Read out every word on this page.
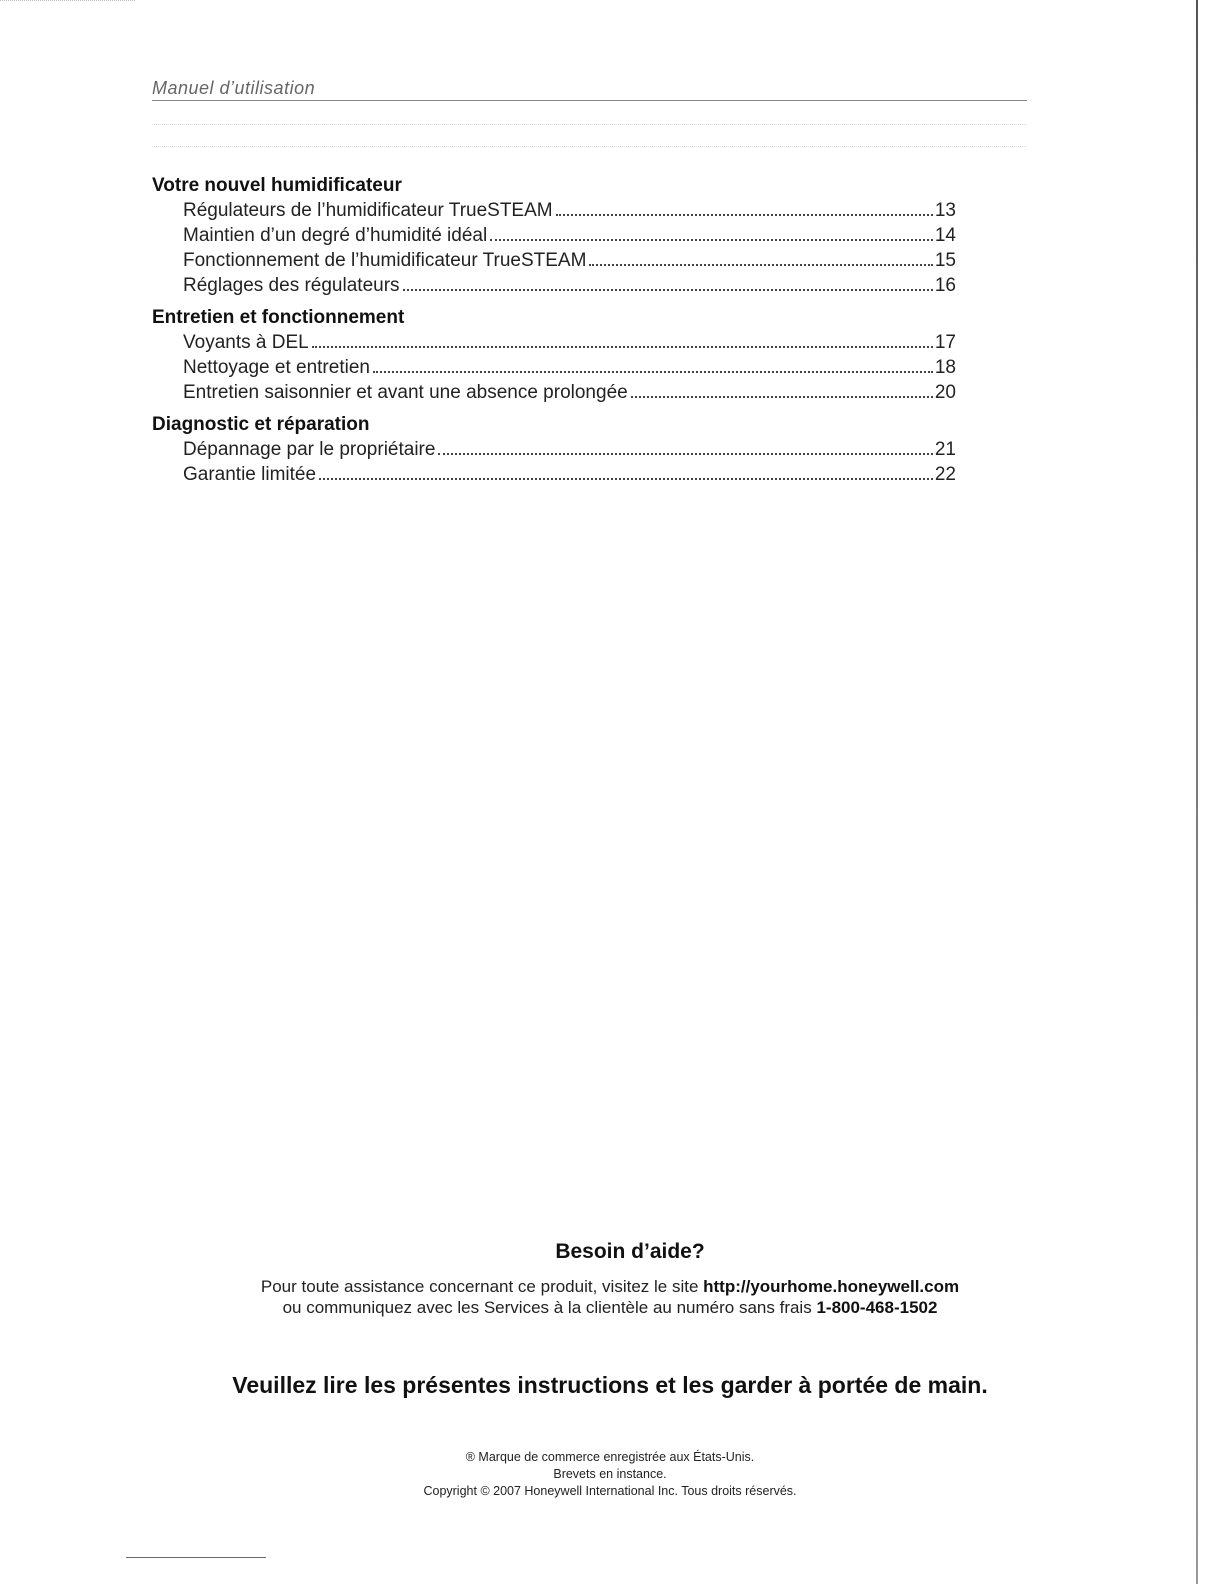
Manuel d’utilisation
Votre nouvel humidificateur
Régulateurs de l’humidificateur TrueSTEAM	13
Maintien d’un degré d’humidité idéal	14
Fonctionnement de l’humidificateur TrueSTEAM	15
Réglages des régulateurs	16
Entretien et fonctionnement
Voyants à DEL	17
Nettoyage et entretien	18
Entretien saisonnier et avant une absence prolongée	20
Diagnostic et réparation
Dépannage par le propriétaire	21
Garantie limitée	22
Besoin d’aide?
Pour toute assistance concernant ce produit, visitez le site http://yourhome.honeywell.com
ou communiquez avec les Services à la clientèle au numéro sans frais 1-800-468-1502
Veuillez lire les présentes instructions et les garder à portée de main.
® Marque de commerce enregistrée aux États-Unis.
Brevets en instance.
Copyright © 2007 Honeywell International Inc. Tous droits réservés.
